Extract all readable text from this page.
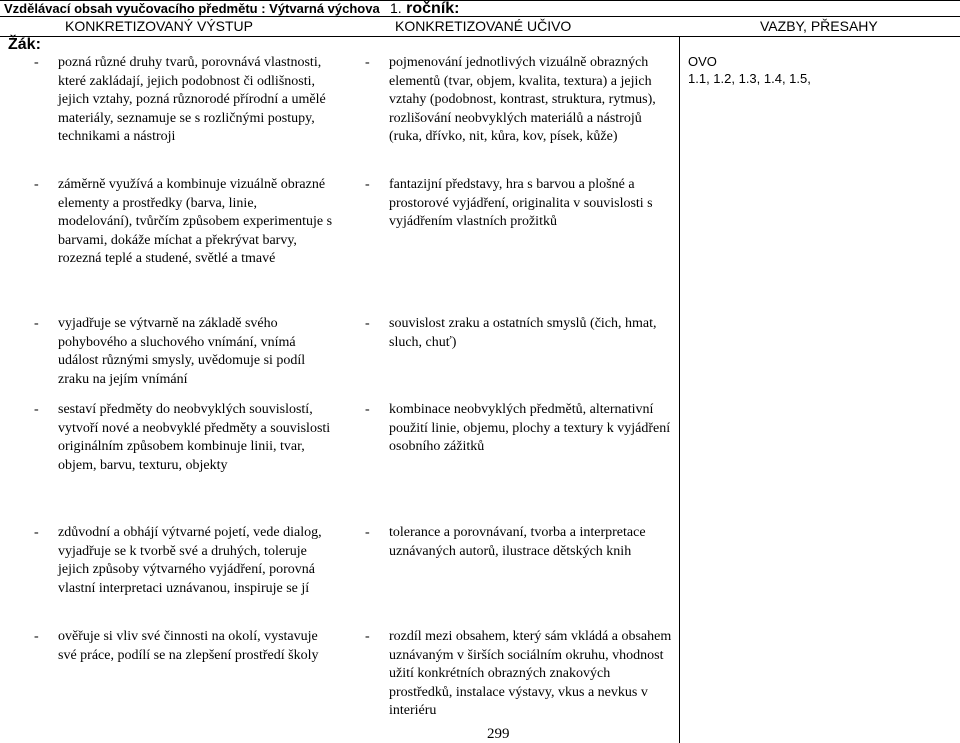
Vzdělávací obsah vyučovacího předmětu : Výtvarná výchova 1. ročník:
KONKRETIZOVANÝ VÝSTUP	KONKRETIZOVANÉ UČIVO	VAZBY, PŘESAHY
Žák:
OVO
1.1, 1.2, 1.3, 1.4, 1.5,
- pozná různé druhy tvarů, porovnává vlastnosti, které zakládají, jejich podobnost či odlišnosti, jejich vztahy, pozná různorodé přírodní a umělé materiály, seznamuje se s rozličnými postupy, technikami a nástroji
- záměrně využívá a kombinuje vizuálně obrazné elementy a prostředky (barva, linie, modelování), tvůrčím způsobem experimentuje s barvami, dokáže míchat a překrývat barvy, rozezná teplé a studené, světlé a tmavé
- vyjadřuje se výtvarně na základě svého pohybového a sluchového vnímání, vnímá událost různými smysly, uvědomuje si podíl zraku na jejím vnímání
- sestaví předměty do neobvyklých souvislostí, vytvoří nové a neobvyklé předměty a souvislosti originálním způsobem kombinuje linii, tvar, objem, barvu, texturu, objekty
- zdůvodní a obhájí výtvarné pojetí, vede dialog, vyjadřuje se k tvorbě své a druhých, toleruje jejich způsoby výtvarného vyjádření, porovná vlastní interpretaci uznávanou, inspiruje se jí
- ověřuje si vliv své činnosti na okolí, vystavuje své práce, podílí se na zlepšení prostředí školy
- pojmenování jednotlivých vizuálně obrazných elementů (tvar, objem, kvalita, textura) a jejich vztahy (podobnost, kontrast, struktura, rytmus), rozlišování neobvyklých materiálů a nástrojů (ruka, dřívko, nit, kůra, kov, písek, kůže)
- fantazijní představy, hra s barvou a plošné a prostorové vyjádření, originalita v souvislosti s vyjádřením vlastních prožitků
- souvislost zraku a ostatních smyslů (čich, hmat, sluch, chuť)
- kombinace neobvyklých předmětů, alternativní použití linie, objemu, plochy a textury k vyjádření osobního zážitků
- tolerance a porovnávaní, tvorba a interpretace uznávaných autorů, ilustrace dětských knih
- rozdíl mezi obsahem, který sám vkládá a obsahem uznávaným v širších sociálním okruhu, vhodnost užití konkrétních obrazných znakových prostředků, instalace výstavy, vkus a nevkus v interiéru
299
